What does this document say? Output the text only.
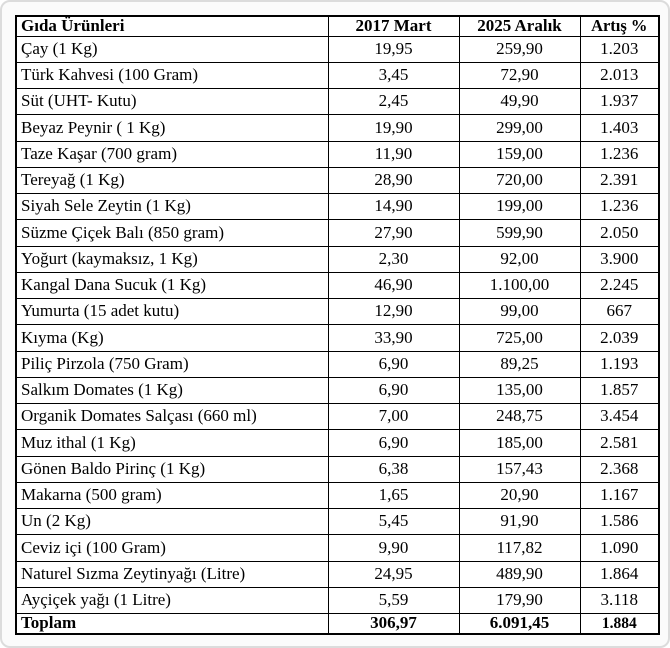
Gıda Ürünleri	2017 Mart	2025 Aralık	Artış %
Çay (1 Kg)	19,95	259,90	1.203
Türk Kahvesi (100 Gram)	3,45	72,90	2.013
Süt (UHT- Kutu)	2,45	49,90	1.937
Beyaz Peynir ( 1 Kg)	19,90	299,00	1.403
Taze Kaşar (700 gram)	11,90	159,00	1.236
Tereyağ (1 Kg)	28,90	720,00	2.391
Siyah Sele Zeytin (1 Kg)	14,90	199,00	1.236
Süzme Çiçek Balı (850 gram)	27,90	599,90	2.050
Yoğurt (kaymaksız, 1 Kg)	2,30	92,00	3.900
Kangal Dana Sucuk (1 Kg)	46,90	1.100,00	2.245
Yumurta (15 adet kutu)	12,90	99,00	667
Kıyma (Kg)	33,90	725,00	2.039
Piliç Pirzola (750 Gram)	6,90	89,25	1.193
Salkım Domates (1 Kg)	6,90	135,00	1.857
Organik Domates Salçası (660 ml)	7,00	248,75	3.454
Muz ithal (1 Kg)	6,90	185,00	2.581
Gönen Baldo Pirinç (1 Kg)	6,38	157,43	2.368
Makarna (500 gram)	1,65	20,90	1.167
Un (2 Kg)	5,45	91,90	1.586
Ceviz içi (100 Gram)	9,90	117,82	1.090
Naturel Sızma Zeytinyağı (Litre)	24,95	489,90	1.864
Ayçiçek yağı (1 Litre)	5,59	179,90	3.118
Toplam	306,97	6.091,45	1.884
